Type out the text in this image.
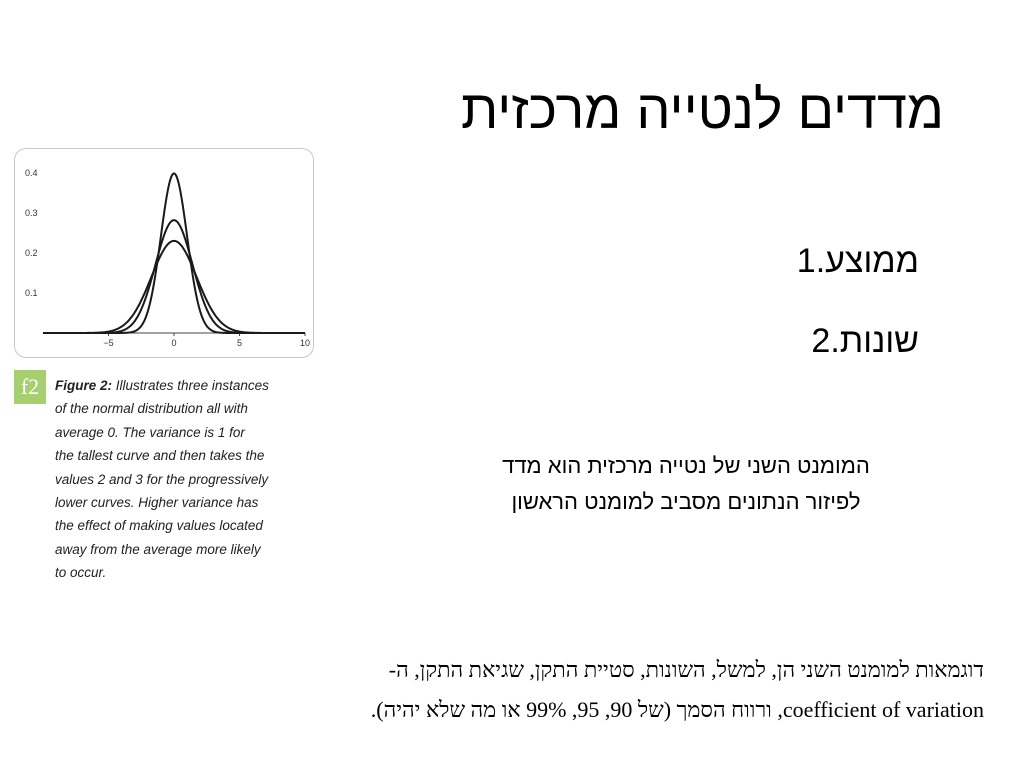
מדדים לנטייה מרכזית
ממוצע.1
שונות.2

המומנט השני של נטייה מרכזית הוא מדד
לפיזור הנתונים מסביב למומנט הראשון

0.1
0.2
0.3
0.4
−5	0	5	10
f2	Figure 2: Illustrates three instances
of the normal distribution all with
average 0. The variance is 1 for
the tallest curve and then takes the
values 2 and 3 for the progressively
lower curves. Higher variance has
the effect of making values located
away from the average more likely
to occur.

דוגמאות למומנט השני הן, למשל, השונות, סטיית התקן, שגיאת התקן, ה-
coefficient of variation, ורווח הסמך (של 90, 95, 99% או מה שלא יהיה).
